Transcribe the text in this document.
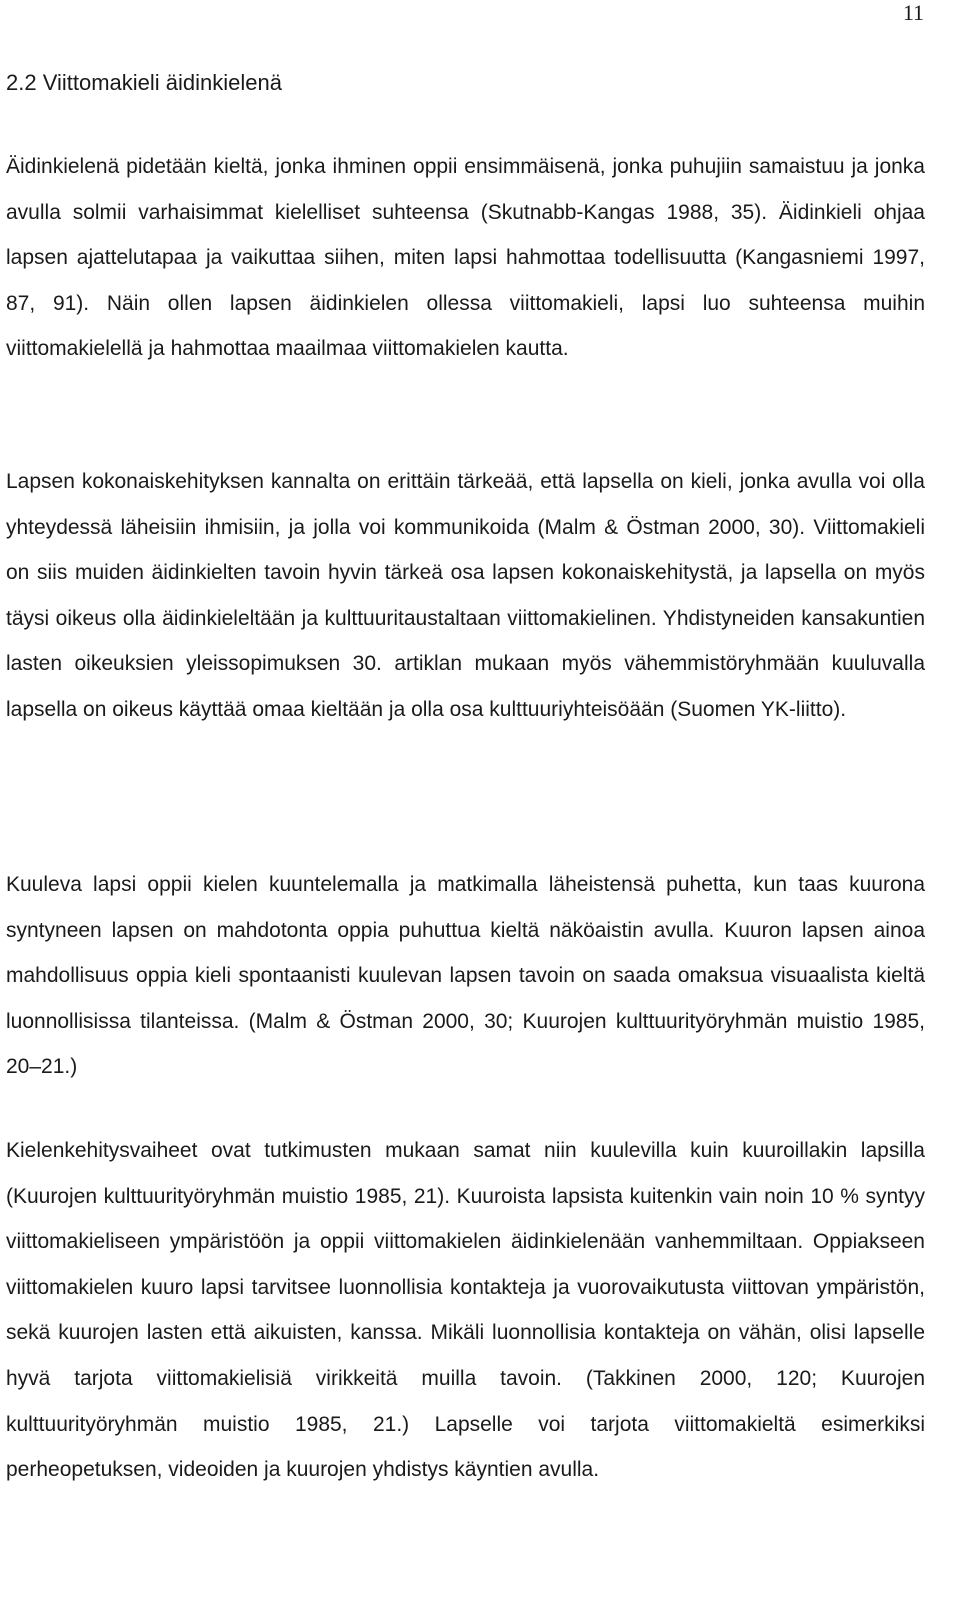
11
2.2 Viittomakieli äidinkielenä

Äidinkielenä pidetään kieltä, jonka ihminen oppii ensimmäisenä, jonka puhujiin samaistuu ja jonka avulla solmii varhaisimmat kielelliset suhteensa (Skutnabb-Kangas 1988, 35). Äidinkieli ohjaa lapsen ajattelutapaa ja vaikuttaa siihen, miten lapsi hahmottaa todellisuutta (Kangasniemi 1997, 87, 91). Näin ollen lapsen äidinkielen ollessa viittomakieli, lapsi luo suhteensa muihin viittomakielellä ja hahmottaa maailmaa viittomakielen kautta.

Lapsen kokonaiskehityksen kannalta on erittäin tärkeää, että lapsella on kieli, jonka avulla voi olla yhteydessä läheisiin ihmisiin, ja jolla voi kommunikoida (Malm & Östman 2000, 30). Viittomakieli on siis muiden äidinkielten tavoin hyvin tärkeä osa lapsen kokonaiskehitystä, ja lapsella on myös täysi oikeus olla äidinkieleltään ja kulttuuritaustaltaan viittomakielinen. Yhdistyneiden kansakuntien lasten oikeuksien yleissopimuksen 30. artiklan mukaan myös vähemmistöryhmään kuuluvalla lapsella on oikeus käyttää omaa kieltään ja olla osa kulttuuriyhteisöään (Suomen YK-liitto).

Kuuleva lapsi oppii kielen kuuntelemalla ja matkimalla läheistensä puhetta, kun taas kuurona syntyneen lapsen on mahdotonta oppia puhuttua kieltä näköaistin avulla. Kuuron lapsen ainoa mahdollisuus oppia kieli spontaanisti kuulevan lapsen tavoin on saada omaksua visuaalista kieltä luonnollisissa tilanteissa. (Malm & Östman 2000, 30; Kuurojen kulttuurityöryhmän muistio 1985, 20–21.)

Kielenkehitysvaiheet ovat tutkimusten mukaan samat niin kuulevilla kuin kuuroillakin lapsilla (Kuurojen kulttuurityöryhmän muistio 1985, 21). Kuuroista lapsista kuitenkin vain noin 10 % syntyy viittomakieliseen ympäristöön ja oppii viittomakielen äidinkielenään vanhemmiltaan. Oppiakseen viittomakielen kuuro lapsi tarvitsee luonnollisia kontakteja ja vuorovaikutusta viittovan ympäristön, sekä kuurojen lasten että aikuisten, kanssa. Mikäli luonnollisia kontakteja on vähän, olisi lapselle hyvä tarjota viittomakielisiä virikkeitä muilla tavoin. (Takkinen 2000, 120; Kuurojen kulttuurityöryhmän muistio 1985, 21.) Lapselle voi tarjota viittomakieltä esimerkiksi perheopetuksen, videoiden ja kuurojen yhdistys käyntien avulla.
